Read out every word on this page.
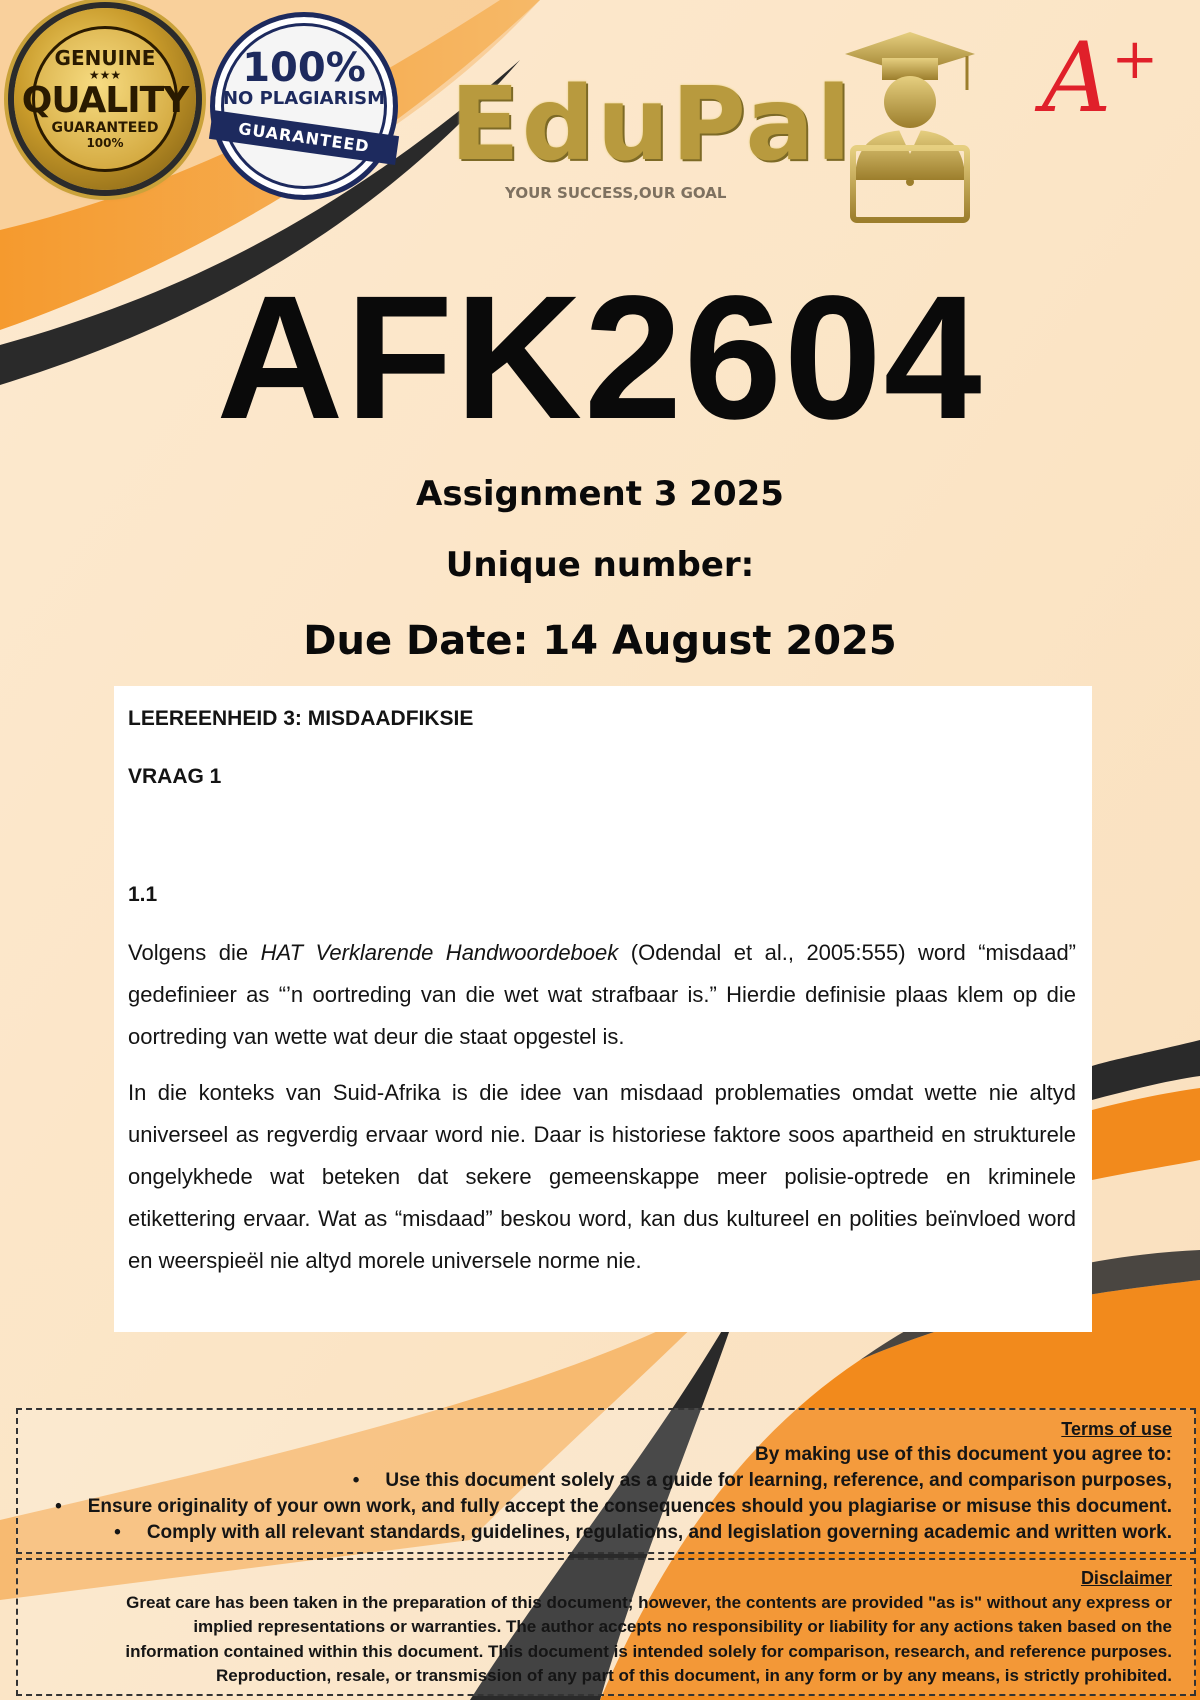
GENUINE
★★★
QUALITY
GUARANTEED
100%
100%
NO PLAGIARISM
GUARANTEED EduPal
YOUR SUCCESS,OUR GOAL
A+
AFK2604
Assignment 3 2025
Unique number:
Due Date: 14 August 2025
LEEREENHEID 3: MISDAADFIKSIE
VRAAG 1
1.1

Volgens die HAT Verklarende Handwoordeboek (Odendal et al., 2005:555) word “misdaad” gedefinieer as “’n oortreding van die wet wat strafbaar is.” Hierdie definisie plaas klem op die oortreding van wette wat deur die staat opgestel is.

In die konteks van Suid-Afrika is die idee van misdaad problematies omdat wette nie altyd universeel as regverdig ervaar word nie. Daar is historiese faktore soos apartheid en strukturele ongelykhede wat beteken dat sekere gemeenskappe meer polisie-optrede en kriminele etikettering ervaar. Wat as “misdaad” beskou word, kan dus kultureel en polities beïnvloed word en weerspieël nie altyd morele universele norme nie.

Terms of use
By making use of this document you agree to:
• Use this document solely as a guide for learning, reference, and comparison purposes,
• Ensure originality of your own work, and fully accept the consequences should you plagiarise or misuse this document.
• Comply with all relevant standards, guidelines, regulations, and legislation governing academic and written work.
Disclaimer
Great care has been taken in the preparation of this document; however, the contents are provided "as is" without any express or
implied representations or warranties. The author accepts no responsibility or liability for any actions taken based on the
information contained within this document. This document is intended solely for comparison, research, and reference purposes.
Reproduction, resale, or transmission of any part of this document, in any form or by any means, is strictly prohibited.
